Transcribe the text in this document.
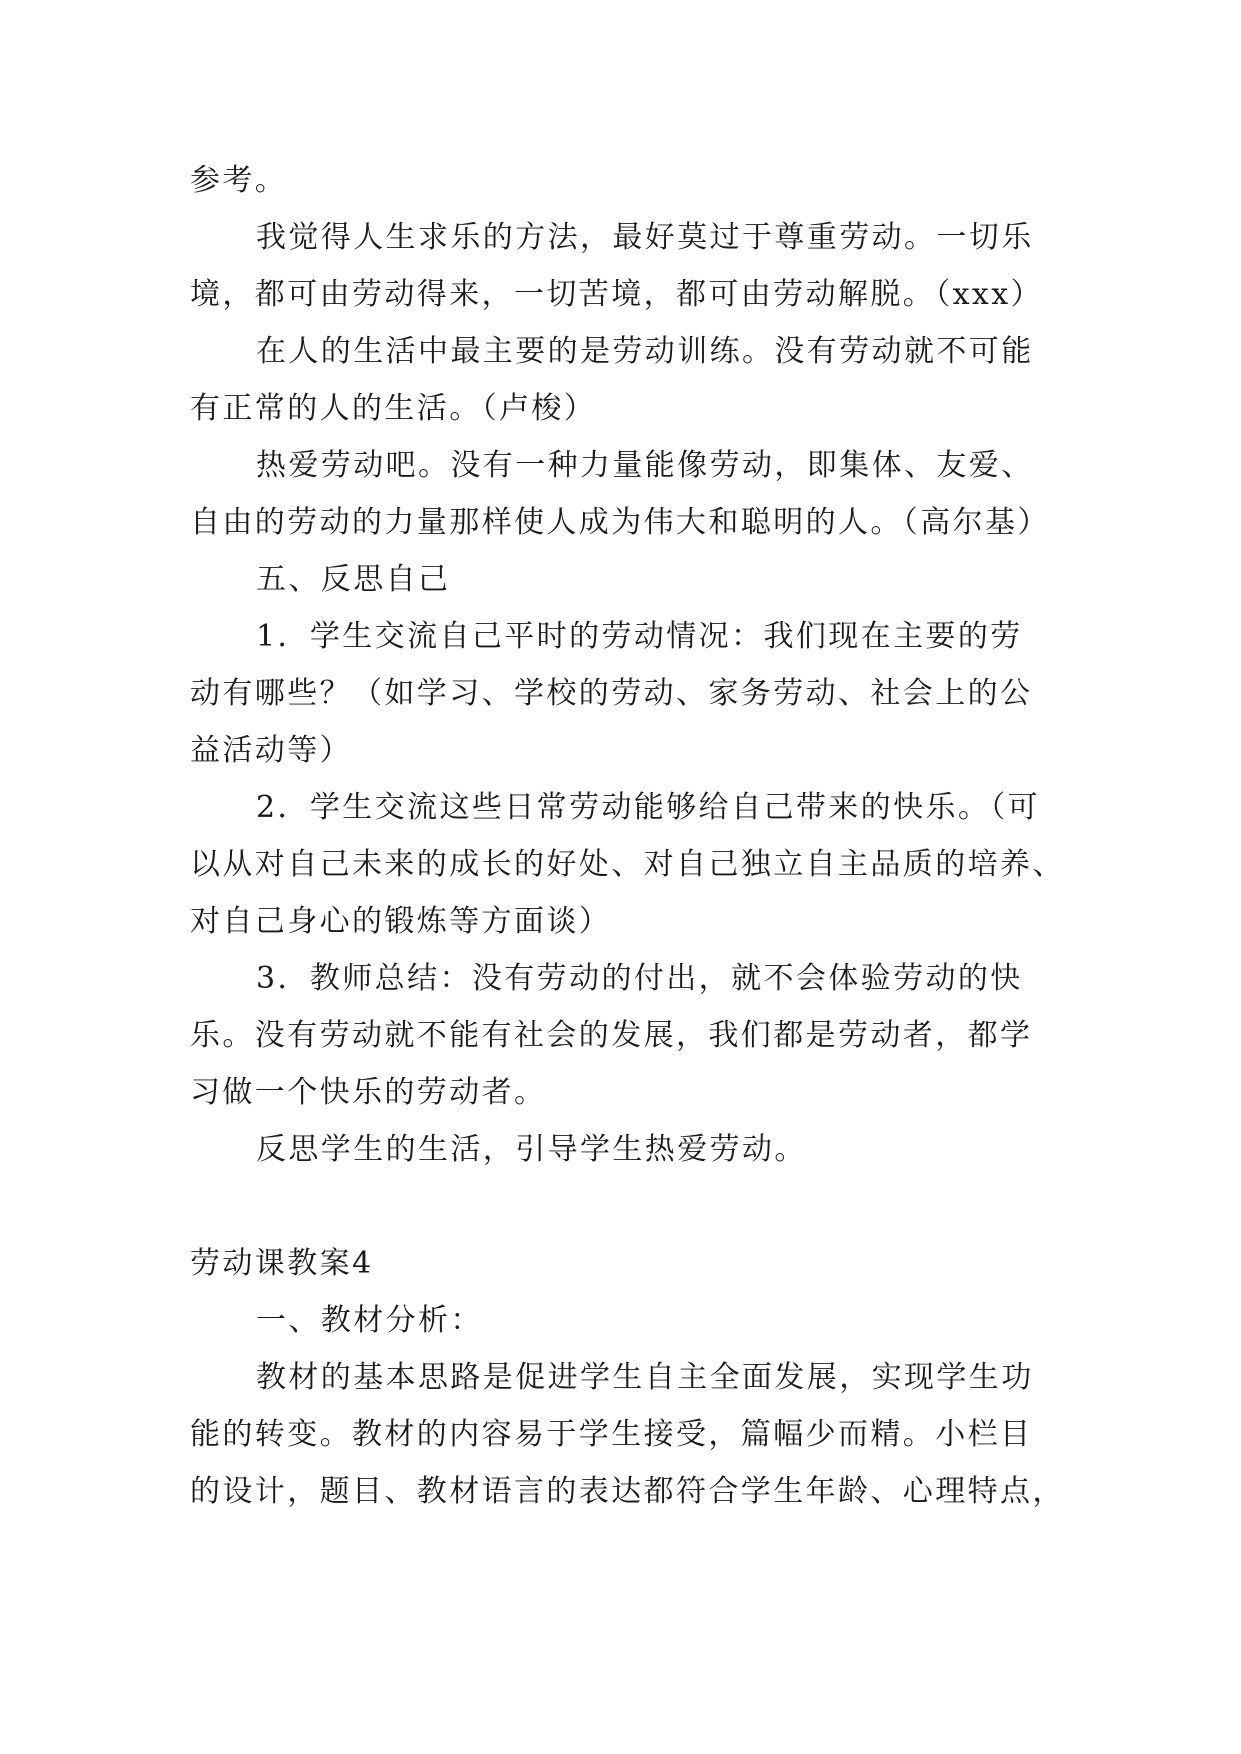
参考。
我觉得人生求乐的方法，最好莫过于尊重劳动。一切乐
境，都可由劳动得来，一切苦境，都可由劳动解脱。（xxx）
在人的生活中最主要的是劳动训练。没有劳动就不可能
有正常的人的生活。（卢梭）
热爱劳动吧。没有一种力量能像劳动，即集体、友爱、
自由的劳动的力量那样使人成为伟大和聪明的人。（高尔基）
五、反思自己
1．学生交流自己平时的劳动情况：我们现在主要的劳
动有哪些？（如学习、学校的劳动、家务劳动、社会上的公
益活动等）
2．学生交流这些日常劳动能够给自己带来的快乐。（可
以从对自己未来的成长的好处、对自己独立自主品质的培养、
对自己身心的锻炼等方面谈）
3．教师总结：没有劳动的付出，就不会体验劳动的快
乐。没有劳动就不能有社会的发展，我们都是劳动者，都学
习做一个快乐的劳动者。
反思学生的生活，引导学生热爱劳动。
劳动课教案4
一、教材分析：
教材的基本思路是促进学生自主全面发展，实现学生功
能的转变。教材的内容易于学生接受，篇幅少而精。小栏目
的设计，题目、教材语言的表达都符合学生年龄、心理特点，
